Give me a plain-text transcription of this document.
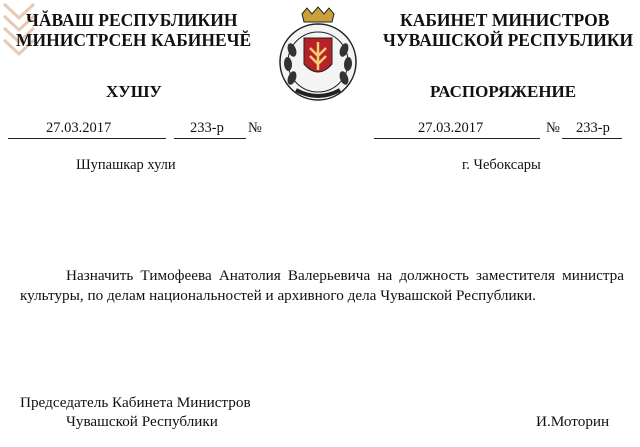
ЧĂВАШ РЕСПУБЛИКИН
МИНИСТРСЕН КАБИНЕЧĔ
КАБИНЕТ МИНИСТРОВ
ЧУВАШСКОЙ РЕСПУБЛИКИ
ХУШУ	РАСПОРЯЖЕНИЕ
27.03.2017	233-р №	27.03.2017	№ 233-р
Шупашкар хули	г. Чебоксары
Назначить Тимофеева Анатолия Валерьевича на должность заместителя министра культуры, по делам национальностей и архивного дела Чувашской Республики.
Председатель Кабинета Министров
Чувашской Республики	И.Моторин
